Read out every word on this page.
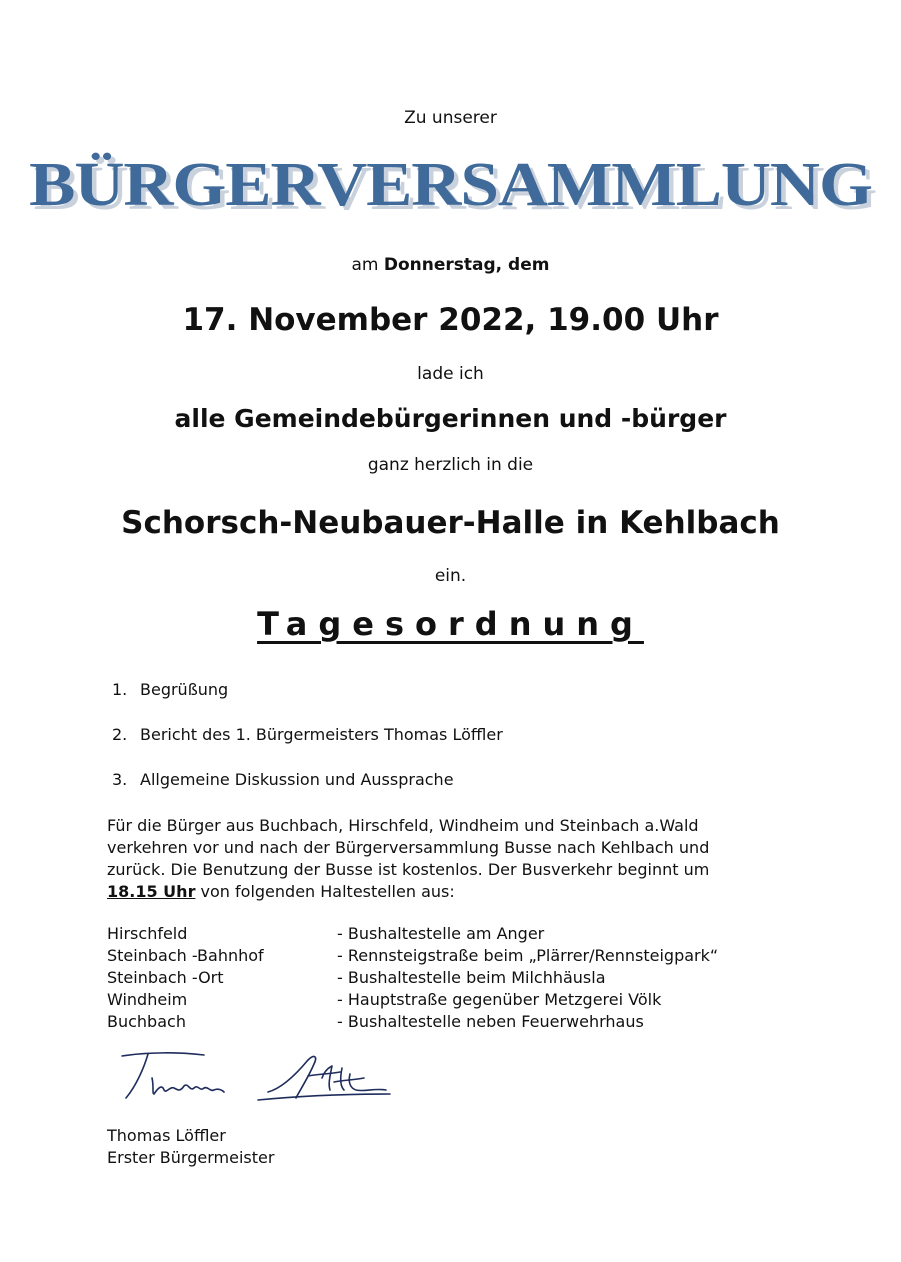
Zu unserer
BÜRGERVERSAMMLUNG
am Donnerstag, dem
17. November 2022, 19.00 Uhr
lade ich
alle Gemeindebürgerinnen und -bürger
ganz herzlich in die
Schorsch-Neubauer-Halle in Kehlbach
ein.
Tagesordnung
1. Begrüßung
2. Bericht des 1. Bürgermeisters Thomas Löffler
3. Allgemeine Diskussion und Aussprache
Für die Bürger aus Buchbach, Hirschfeld, Windheim und Steinbach a.Wald
verkehren vor und nach der Bürgerversammlung Busse nach Kehlbach und
zurück. Die Benutzung der Busse ist kostenlos. Der Busverkehr beginnt um
18.15 Uhr von folgenden Haltestellen aus:
Hirschfeld	- Bushaltestelle am Anger
Steinbach -Bahnhof	- Rennsteigstraße beim „Plärrer/Rennsteigpark“
Steinbach -Ort	- Bushaltestelle beim Milchhäusla
Windheim	- Hauptstraße gegenüber Metzgerei Völk
Buchbach	- Bushaltestelle neben Feuerwehrhaus
Thomas Löffler
Erster Bürgermeister
